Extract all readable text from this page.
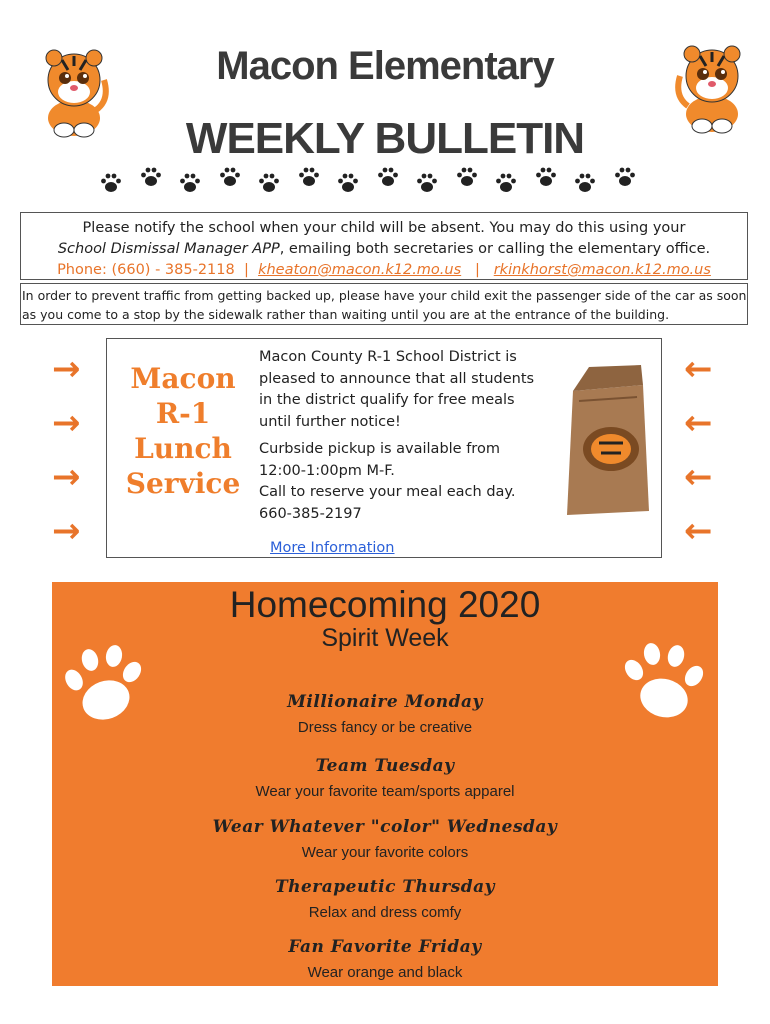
Macon Elementary
WEEKLY BULLETIN
Please notify the school when your child will be absent. You may do this using your
School Dismissal Manager APP, emailing both secretaries or calling the elementary office.
Phone: (660) - 385-2118 | kheaton@macon.k12.mo.us | rkinkhorst@macon.k12.mo.us
In order to prevent traffic from getting backed up, please have your child exit the passenger side of the car as soon as you come to a stop by the sidewalk rather than waiting until you are at the entrance of the building.
→
→
→
→
←
←
←
←
Macon
R-1
Lunch
Service

Macon County R-1 School District is pleased to announce that all students in the district qualify for free meals until further notice!

Curbside pickup is available from 12:00-1:00pm M-F.
Call to reserve your meal each day.
660-385-2197
More Information
Homecoming 2020
Spirit Week
Millionaire Monday
Dress fancy or be creative
Team Tuesday
Wear your favorite team/sports apparel
Wear Whatever "color" Wednesday
Wear your favorite colors
Therapeutic Thursday
Relax and dress comfy
Fan Favorite Friday
Wear orange and black
